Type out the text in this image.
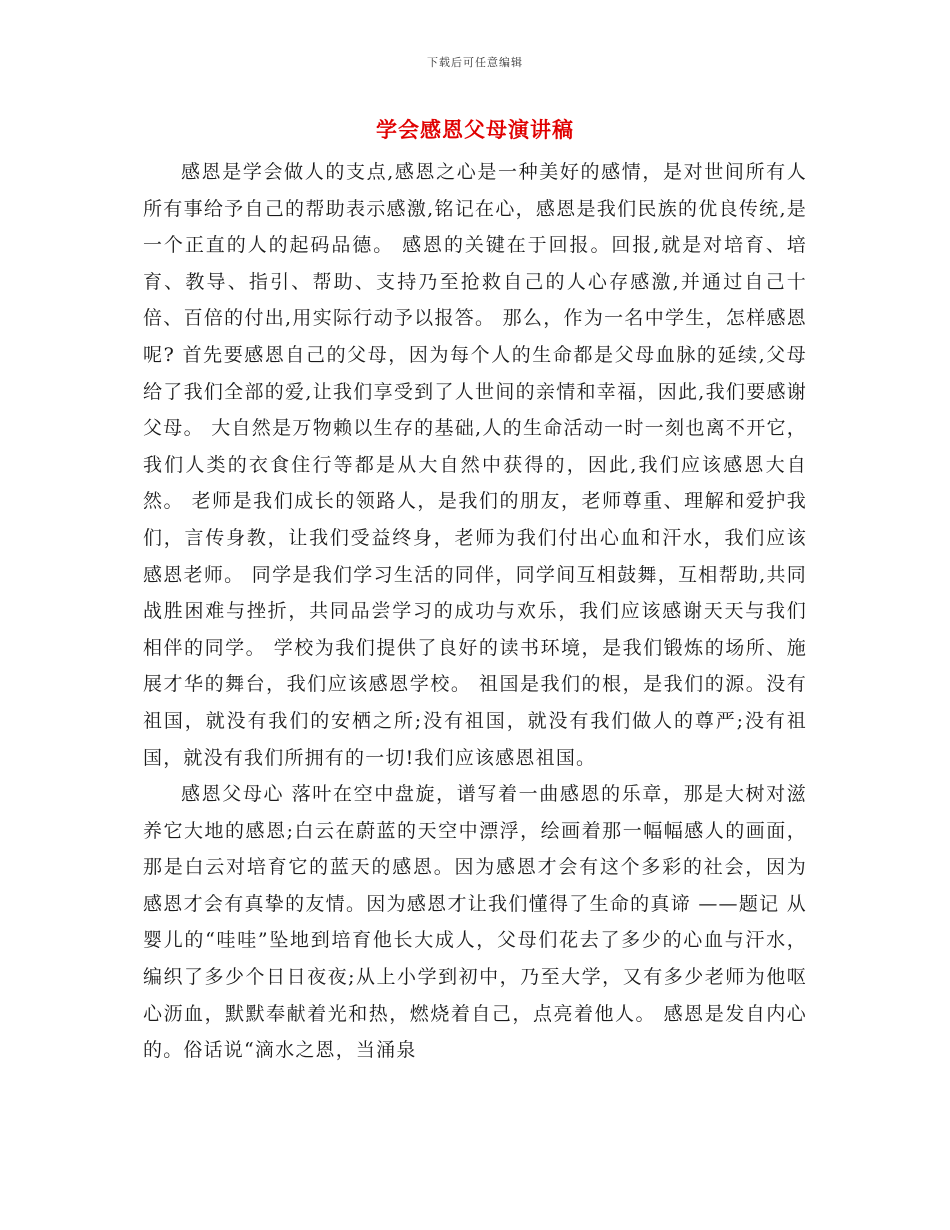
下载后可任意编辑
学会感恩父母演讲稿

感恩是学会做人的支点,感恩之心是一种美好的感情，是对世间所有人所有事给予自己的帮助表示感激,铭记在心，感恩是我们民族的优良传统,是一个正直的人的起码品德。 感恩的关键在于回报。回报,就是对培育、培育、教导、指引、帮助、支持乃至抢救自己的人心存感激,并通过自己十倍、百倍的付出,用实际行动予以报答。 那么，作为一名中学生，怎样感恩呢? 首先要感恩自己的父母，因为每个人的生命都是父母血脉的延续,父母给了我们全部的爱,让我们享受到了人世间的亲情和幸福，因此,我们要感谢父母。 大自然是万物赖以生存的基础,人的生命活动一时一刻也离不开它，我们人类的衣食住行等都是从大自然中获得的，因此,我们应该感恩大自然。 老师是我们成长的领路人，是我们的朋友，老师尊重、理解和爱护我们，言传身教，让我们受益终身，老师为我们付出心血和汗水，我们应该感恩老师。 同学是我们学习生活的同伴，同学间互相鼓舞，互相帮助,共同战胜困难与挫折，共同品尝学习的成功与欢乐，我们应该感谢天天与我们相伴的同学。 学校为我们提供了良好的读书环境，是我们锻炼的场所、施展才华的舞台，我们应该感恩学校。 祖国是我们的根，是我们的源。没有祖国，就没有我们的安栖之所;没有祖国，就没有我们做人的尊严;没有祖国，就没有我们所拥有的一切!我们应该感恩祖国。

感恩父母心 落叶在空中盘旋，谱写着一曲感恩的乐章，那是大树对滋养它大地的感恩;白云在蔚蓝的天空中漂浮，绘画着那一幅幅感人的画面，那是白云对培育它的蓝天的感恩。因为感恩才会有这个多彩的社会，因为感恩才会有真挚的友情。因为感恩才让我们懂得了生命的真谛 ——题记 从婴儿的“哇哇”坠地到培育他长大成人，父母们花去了多少的心血与汗水，编织了多少个日日夜夜;从上小学到初中，乃至大学，又有多少老师为他呕心沥血，默默奉献着光和热，燃烧着自己，点亮着他人。 感恩是发自内心的。俗话说“滴水之恩，当涌泉
